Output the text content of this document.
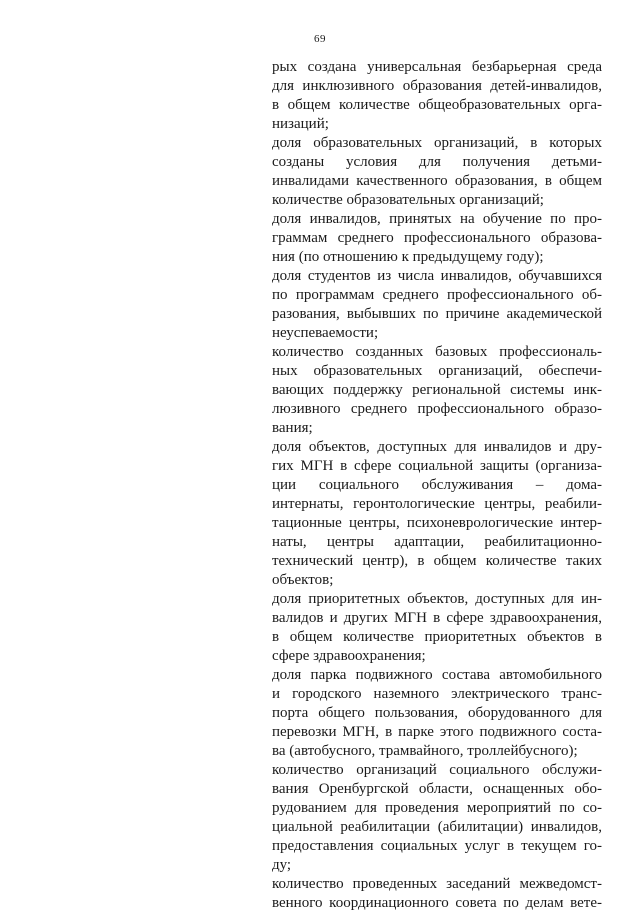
69
рых создана универсальная безбарьерная среда
для инклюзивного образования детей-инвалидов,
в общем количестве общеобразовательных орга-
низаций;
доля образовательных организаций, в которых
созданы условия для получения детьми-
инвалидами качественного образования, в общем
количестве образовательных организаций;
доля инвалидов, принятых на обучение по про-
граммам среднего профессионального образова-
ния (по отношению к предыдущему году);
доля студентов из числа инвалидов, обучавшихся
по программам среднего профессионального об-
разования, выбывших по причине академической
неуспеваемости;
количество созданных базовых профессиональ-
ных образовательных организаций, обеспечи-
вающих поддержку региональной системы инк-
люзивного среднего профессионального образо-
вания;
доля объектов, доступных для инвалидов и дру-
гих МГН в сфере социальной защиты (организа-
ции социального обслуживания – дома-
интернаты, геронтологические центры, реабили-
тационные центры, психоневрологические интер-
наты, центры адаптации, реабилитационно-
технический центр), в общем количестве таких
объектов;
доля приоритетных объектов, доступных для ин-
валидов и других МГН в сфере здравоохранения,
в общем количестве приоритетных объектов в
сфере здравоохранения;
доля парка подвижного состава автомобильного
и городского наземного электрического транс-
порта общего пользования, оборудованного для
перевозки МГН, в парке этого подвижного соста-
ва (автобусного, трамвайного, троллейбусного);
количество организаций социального обслужи-
вания Оренбургской области, оснащенных обо-
рудованием для проведения мероприятий по со-
циальной реабилитации (абилитации) инвалидов,
предоставления социальных услуг в текущем го-
ду;
количество проведенных заседаний межведомст-
венного координационного совета по делам вете-
